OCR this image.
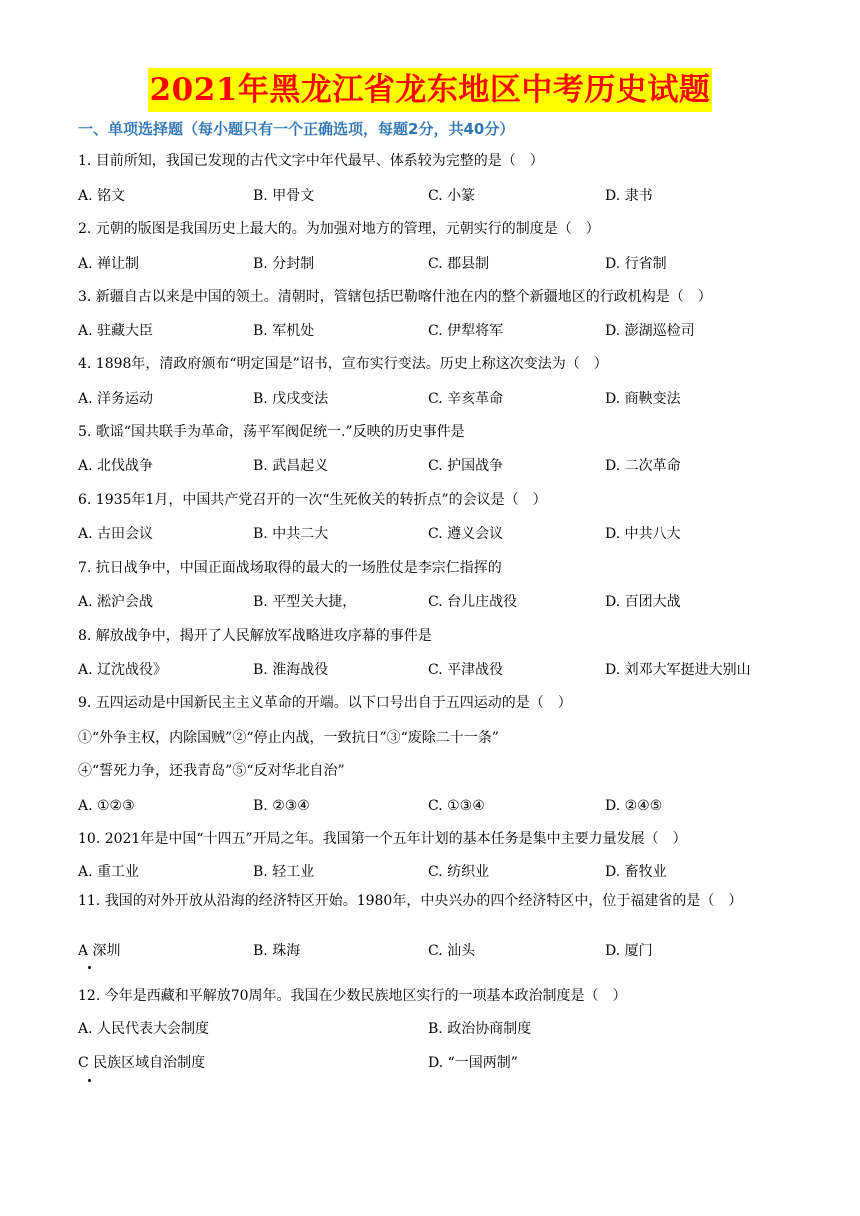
2021年黑龙江省龙东地区中考历史试题
一、单项选择题（每小题只有一个正确选项，每题2分，共40分）
1. 目前所知，我国已发现的古代文字中年代最早、体系较为完整的是（　）
A. 铭文	B. 甲骨文	C. 小篆	D. 隶书
2. 元朝的版图是我国历史上最大的。为加强对地方的管理，元朝实行的制度是（　）
A. 禅让制	B. 分封制	C. 郡县制	D. 行省制
3. 新疆自古以来是中国的领土。清朝时，管辖包括巴勒喀什池在内的整个新疆地区的行政机构是（　）
A. 驻藏大臣	B. 军机处	C. 伊犁将军	D. 澎湖巡检司
4. 1898年，清政府颁布“明定国是”诏书，宣布实行变法。历史上称这次变法为（　）
A. 洋务运动	B. 戊戌变法	C. 辛亥革命	D. 商鞅变法
5. 歌谣“国共联手为革命，荡平军阀促统一.”反映的历史事件是
A. 北伐战争	B. 武昌起义	C. 护国战争	D. 二次革命
6. 1935年1月，中国共产党召开的一次“生死攸关的转折点”的会议是（　）
A. 古田会议	B. 中共二大	C. 遵义会议	D. 中共八大
7. 抗日战争中，中国正面战场取得的最大的一场胜仗是李宗仁指挥的
A. 淞沪会战	B. 平型关大捷，	C. 台儿庄战役	D. 百团大战
8. 解放战争中，揭开了人民解放军战略进攻序幕的事件是
A. 辽沈战役》	B. 淮海战役	C. 平津战役	D. 刘邓大军挺进大别山
9. 五四运动是中国新民主主义革命的开端。以下口号出自于五四运动的是（　）
①“外争主权，内除国贼”②“停止内战，一致抗日”③“废除二十一条”
④“誓死力争，还我青岛”⑤“反对华北自治”
A. ①②③	B. ②③④	C. ①③④	D. ②④⑤
10. 2021年是中国“十四五”开局之年。我国第一个五年计划的基本任务是集中主要力量发展（　）
A. 重工业	B. 轻工业	C. 纺织业	D. 畜牧业
11. 我国的对外开放从沿海的经济特区开始。1980年，中央兴办的四个经济特区中，位于福建省的是（　）
A 深圳	B. 珠海	C. 汕头	D. 厦门
12. 今年是西藏和平解放70周年。我国在少数民族地区实行的一项基本政治制度是（　）
A. 人民代表大会制度	B. 政治协商制度
C 民族区域自治制度	D. “一国两制”
